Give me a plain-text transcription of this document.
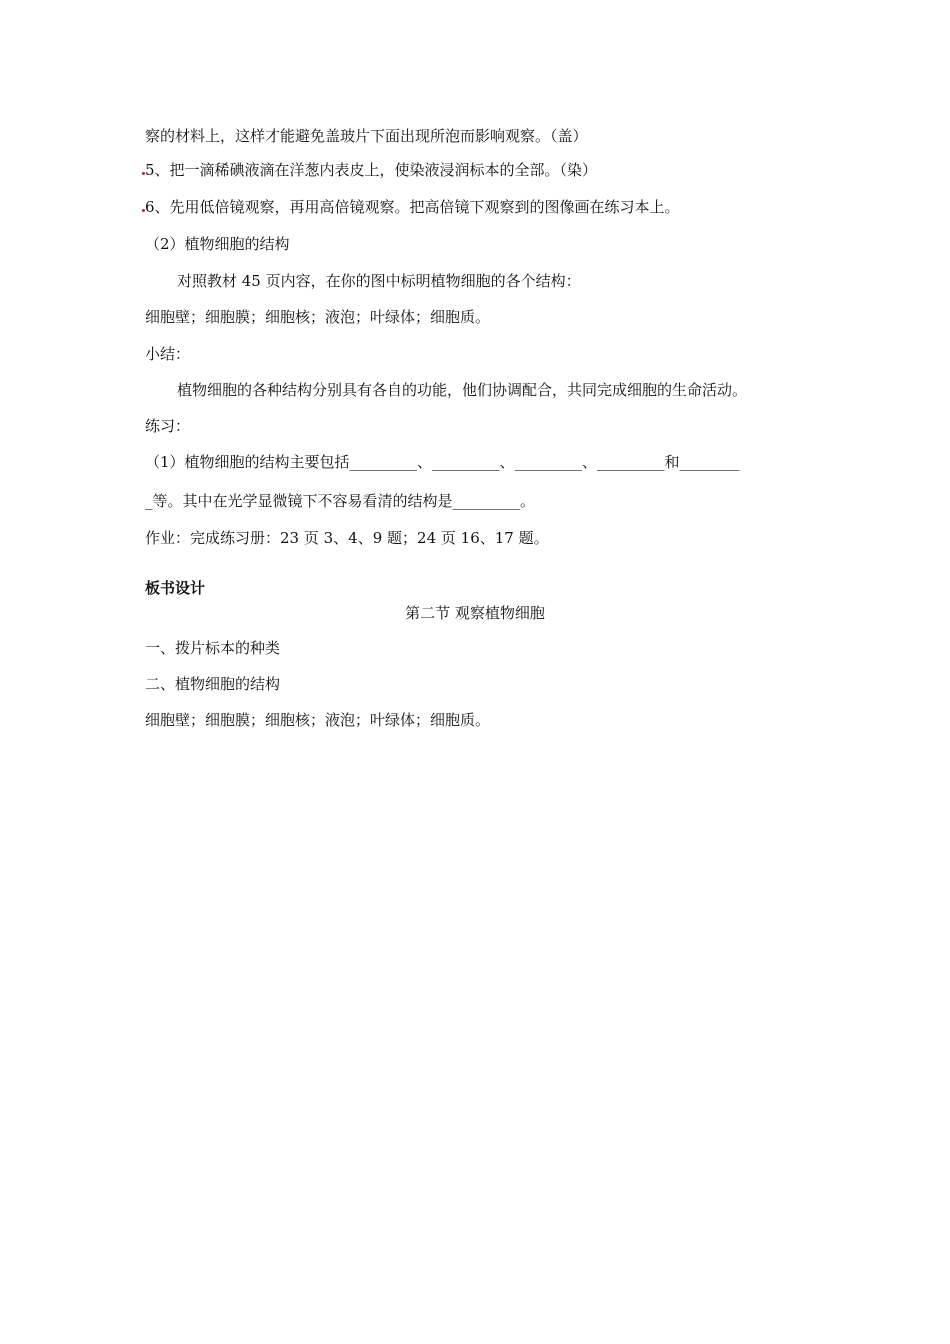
察的材料上，这样才能避免盖玻片下面出现所泡而影响观察。（盖）

5、把一滴稀碘液滴在洋葱内表皮上，使染液浸润标本的全部。（染）

6、先用低倍镜观察，再用高倍镜观察。把高倍镜下观察到的图像画在练习本上。

（2）植物细胞的结构

对照教材 45 页内容，在你的图中标明植物细胞的各个结构：

细胞壁；细胞膜；细胞核；液泡；叶绿体；细胞质。

小结：

植物细胞的各种结构分别具有各自的功能，他们协调配合，共同完成细胞的生命活动。

练习：

（1）植物细胞的结构主要包括_________、_________、_________、_________和________

_等。其中在光学显微镜下不容易看清的结构是_________。

作业：完成练习册：23 页 3、4、9 题；24 页 16、17 题。

板书设计

第二节 观察植物细胞

一、拨片标本的种类

二、植物细胞的结构

细胞壁；细胞膜；细胞核；液泡；叶绿体；细胞质。
